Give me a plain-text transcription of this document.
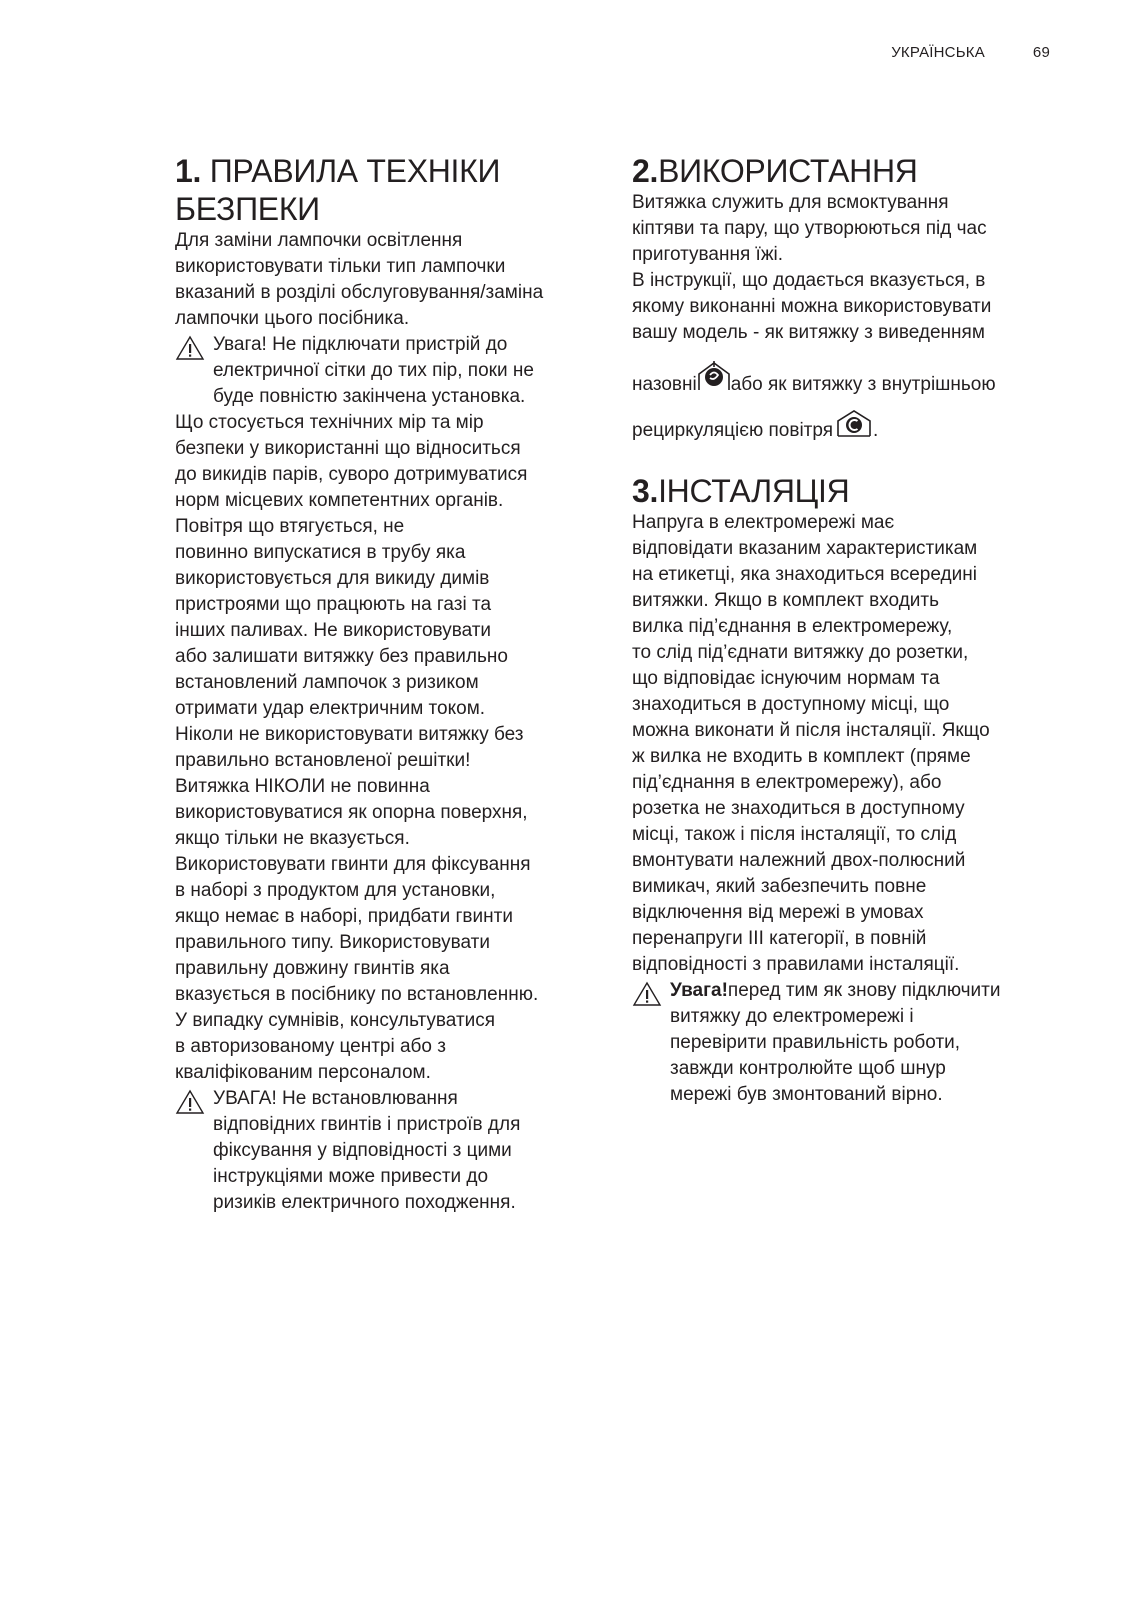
УКРАЇНСЬКА	69
1. ПРАВИЛА ТЕХНІКИ
БЕЗПЕКИ

Для заміни лампочки освітлення

використовувати тільки тип лампочки

вказаний в розділі обслуговування/заміна

лампочки цього посібника.

Увага! Не підключати пристрій до

електричної сітки до тих пір, поки не

буде повністю закінчена установка.

Що стосується технічних мір та мір

безпеки у використанні що відноситься

до викидів парів, суворо дотримуватися

норм місцевих компетентних органів.

Повітря що втягується, не

повинно випускатися в трубу яка

використовується для викиду димів

пристроями що працюють на газі та

інших паливах. Не використовувати

або залишати витяжку без правильно

встановлений лампочок з ризиком

отримати удар електричним током.

Ніколи не використовувати витяжку без

правильно встановленої решітки!

Витяжка НІКОЛИ не повинна

використовуватися як опорна поверхня,

якщо тільки не вказується.

Використовувати гвинти для фіксування

в наборі з продуктом для установки,

якщо немає в наборі, придбати гвинти

правильного типу. Використовувати

правильну довжину гвинтів яка

вказується в посібнику по встановленню.

У випадку сумнівів, консультуватися

в авторизованому центрі або з

кваліфікованим персоналом.

УВАГА! Не встановлювання

відповідних гвинтів і пристроїв для

фіксування у відповідності з цими

інструкціями може привести до

ризиків електричного походження.

2.ВИКОРИСТАННЯ

Витяжка служить для всмоктування

кіптяви та пару, що утворюються під час

приготування їжі.

В інструкції, що додається вказується, в

якому виконанні можна використовувати

вашу модель - як витяжку з виведенням

назовні або як витяжку з внутрішньою

рециркуляцією повітря .

3.ІНСТАЛЯЦІЯ

Напруга в електромережі має

відповідати вказаним характеристикам

на етикетці, яка знаходиться всередині

витяжки. Якщо в комплект входить

вилка під’єднання в електромережу,

то слід під’єднати витяжку до розетки,

що відповідає існуючим нормам та

знаходиться в доступному місці, що

можна виконати й після інсталяції. Якщо

ж вилка не входить в комплект (пряме

під’єднання в електромережу), або

розетка не знаходиться в доступному

місці, також і після інсталяції, то слід

вмонтувати належний двох-полюсний

вимикач, який забезпечить повне

відключення від мережі в умовах

перенапруги III категорії, в повній

відповідності з правилами інсталяції.

Увага!перед тим як знову підключити

витяжку до електромережі і

перевірити правильність роботи,

завжди контролюйте щоб шнур

мережі був змонтований вірно.
